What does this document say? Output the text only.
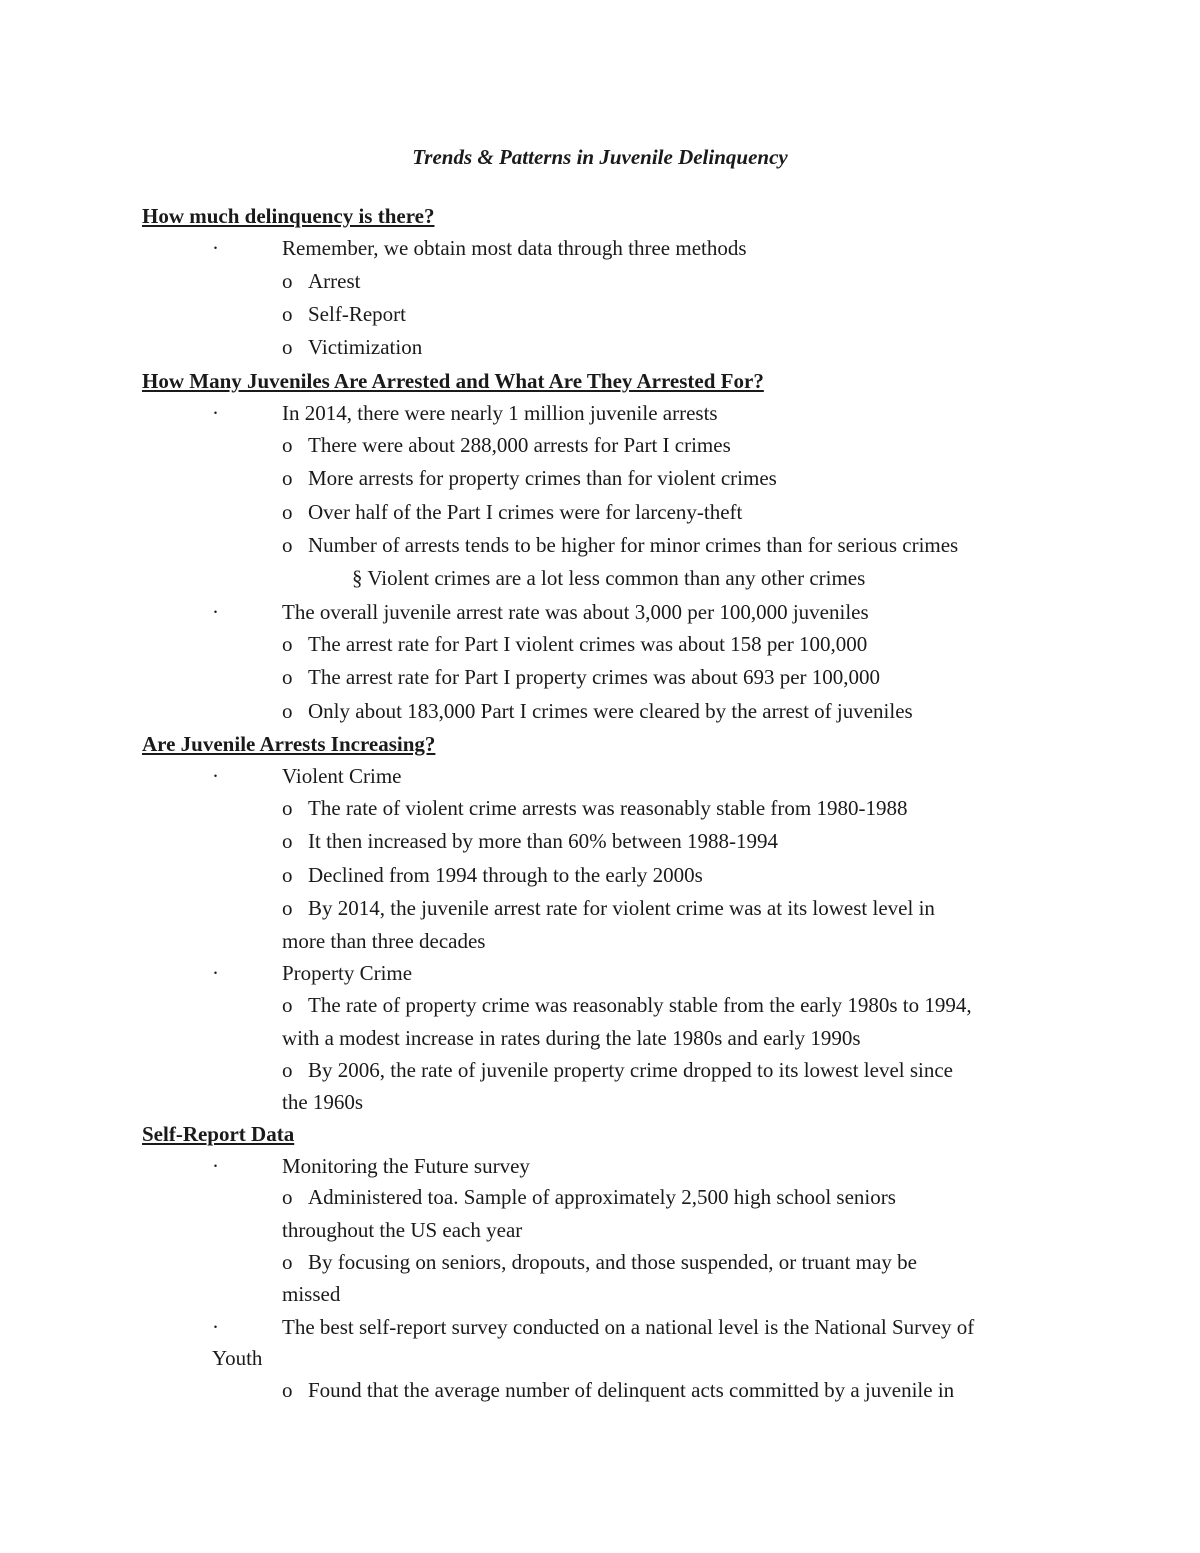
Trends & Patterns in Juvenile Delinquency
How much delinquency is there?
·	Remember, we obtain most data through three methods
o Arrest
o Self-Report
o Victimization
How Many Juveniles Are Arrested and What Are They Arrested For?
·	In 2014, there were nearly 1 million juvenile arrests
o There were about 288,000 arrests for Part I crimes
o More arrests for property crimes than for violent crimes
o Over half of the Part I crimes were for larceny-theft
o Number of arrests tends to be higher for minor crimes than for serious crimes
§ Violent crimes are a lot less common than any other crimes
·	The overall juvenile arrest rate was about 3,000 per 100,000 juveniles
o The arrest rate for Part I violent crimes was about 158 per 100,000
o The arrest rate for Part I property crimes was about 693 per 100,000
o Only about 183,000 Part I crimes were cleared by the arrest of juveniles
Are Juvenile Arrests Increasing?
·	Violent Crime
o The rate of violent crime arrests was reasonably stable from 1980-1988
o It then increased by more than 60% between 1988-1994
o Declined from 1994 through to the early 2000s
o By 2014, the juvenile arrest rate for violent crime was at its lowest level in
more than three decades
·	Property Crime
o The rate of property crime was reasonably stable from the early 1980s to 1994,
with a modest increase in rates during the late 1980s and early 1990s
o By 2006, the rate of juvenile property crime dropped to its lowest level since
the 1960s
Self-Report Data
·	Monitoring the Future survey
o Administered toa. Sample of approximately 2,500 high school seniors
throughout the US each year
o By focusing on seniors, dropouts, and those suspended, or truant may be
missed
·	The best self-report survey conducted on a national level is the National Survey of
Youth
o Found that the average number of delinquent acts committed by a juvenile in
